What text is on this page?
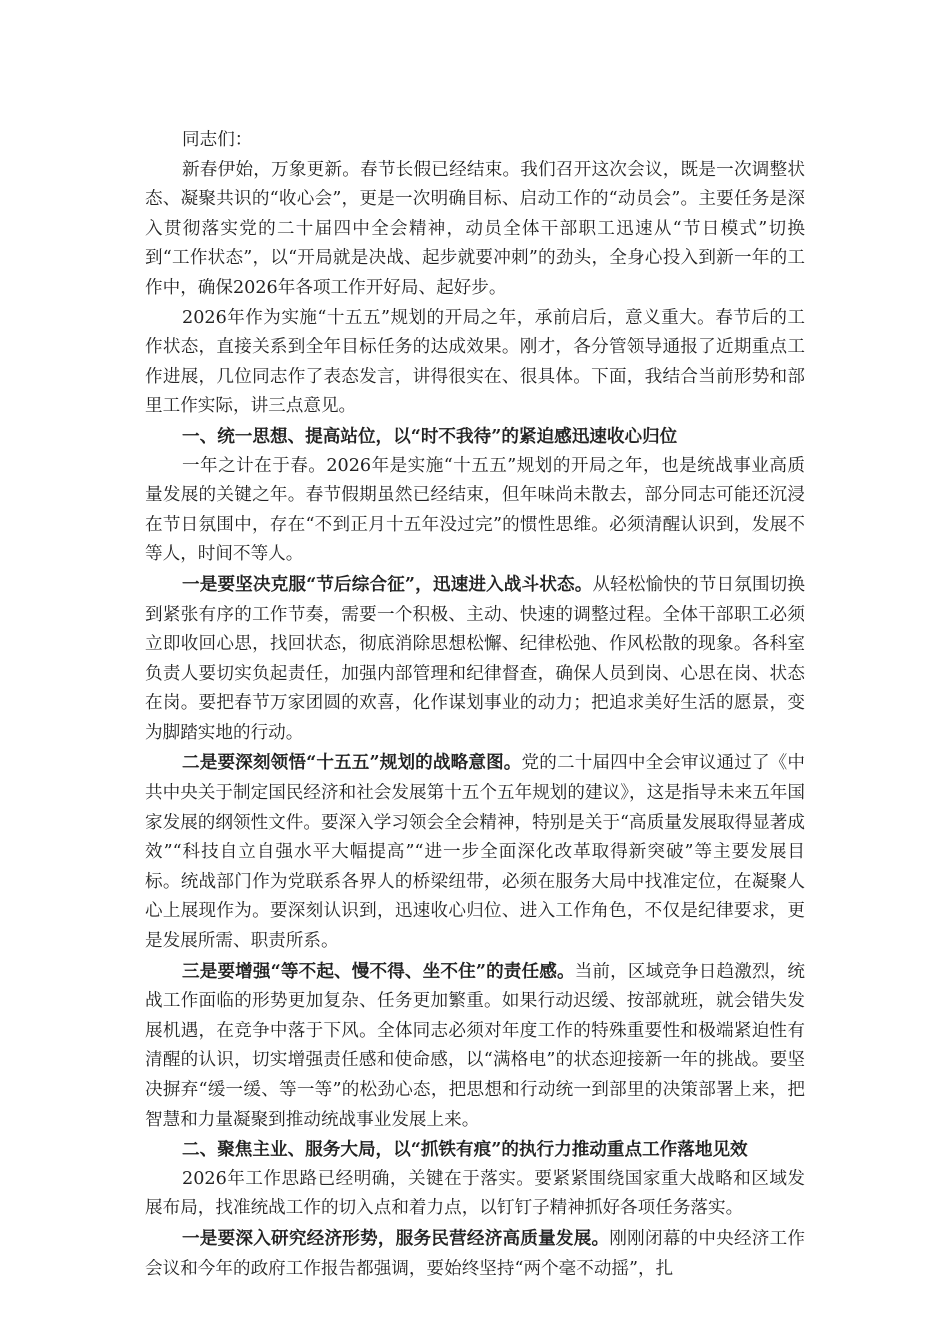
同志们：

新春伊始，万象更新。春节长假已经结束。我们召开这次会议，既是一次调整状态、凝聚共识的“收心会”，更是一次明确目标、启动工作的“动员会”。主要任务是深入贯彻落实党的二十届四中全会精神，动员全体干部职工迅速从“节日模式”切换到“工作状态”，以“开局就是决战、起步就要冲刺”的劲头，全身心投入到新一年的工作中，确保2026年各项工作开好局、起好步。

2026年作为实施“十五五”规划的开局之年，承前启后，意义重大。春节后的工作状态，直接关系到全年目标任务的达成效果。刚才，各分管领导通报了近期重点工作进展，几位同志作了表态发言，讲得很实在、很具体。下面，我结合当前形势和部里工作实际，讲三点意见。

一、统一思想、提高站位，以“时不我待”的紧迫感迅速收心归位

一年之计在于春。2026年是实施“十五五”规划的开局之年，也是统战事业高质量发展的关键之年。春节假期虽然已经结束，但年味尚未散去，部分同志可能还沉浸在节日氛围中，存在“不到正月十五年没过完”的惯性思维。必须清醒认识到，发展不等人，时间不等人。

一是要坚决克服“节后综合征”，迅速进入战斗状态。从轻松愉快的节日氛围切换到紧张有序的工作节奏，需要一个积极、主动、快速的调整过程。全体干部职工必须立即收回心思，找回状态，彻底消除思想松懈、纪律松弛、作风松散的现象。各科室负责人要切实负起责任，加强内部管理和纪律督查，确保人员到岗、心思在岗、状态在岗。要把春节万家团圆的欢喜，化作谋划事业的动力；把追求美好生活的愿景，变为脚踏实地的行动。

二是要深刻领悟“十五五”规划的战略意图。党的二十届四中全会审议通过了《中共中央关于制定国民经济和社会发展第十五个五年规划的建议》，这是指导未来五年国家发展的纲领性文件。要深入学习领会全会精神，特别是关于“高质量发展取得显著成效”“科技自立自强水平大幅提高”“进一步全面深化改革取得新突破”等主要发展目标。统战部门作为党联系各界人的桥梁纽带，必须在服务大局中找准定位，在凝聚人心上展现作为。要深刻认识到，迅速收心归位、进入工作角色，不仅是纪律要求，更是发展所需、职责所系。

三是要增强“等不起、慢不得、坐不住”的责任感。当前，区域竞争日趋激烈，统战工作面临的形势更加复杂、任务更加繁重。如果行动迟缓、按部就班，就会错失发展机遇，在竞争中落于下风。全体同志必须对年度工作的特殊重要性和极端紧迫性有清醒的认识，切实增强责任感和使命感，以“满格电”的状态迎接新一年的挑战。要坚决摒弃“缓一缓、等一等”的松劲心态，把思想和行动统一到部里的决策部署上来，把智慧和力量凝聚到推动统战事业发展上来。

二、聚焦主业、服务大局，以“抓铁有痕”的执行力推动重点工作落地见效

2026年工作思路已经明确，关键在于落实。要紧紧围绕国家重大战略和区域发展布局，找准统战工作的切入点和着力点，以钉钉子精神抓好各项任务落实。

一是要深入研究经济形势，服务民营经济高质量发展。刚刚闭幕的中央经济工作会议和今年的政府工作报告都强调，要始终坚持“两个毫不动摇”，扎
